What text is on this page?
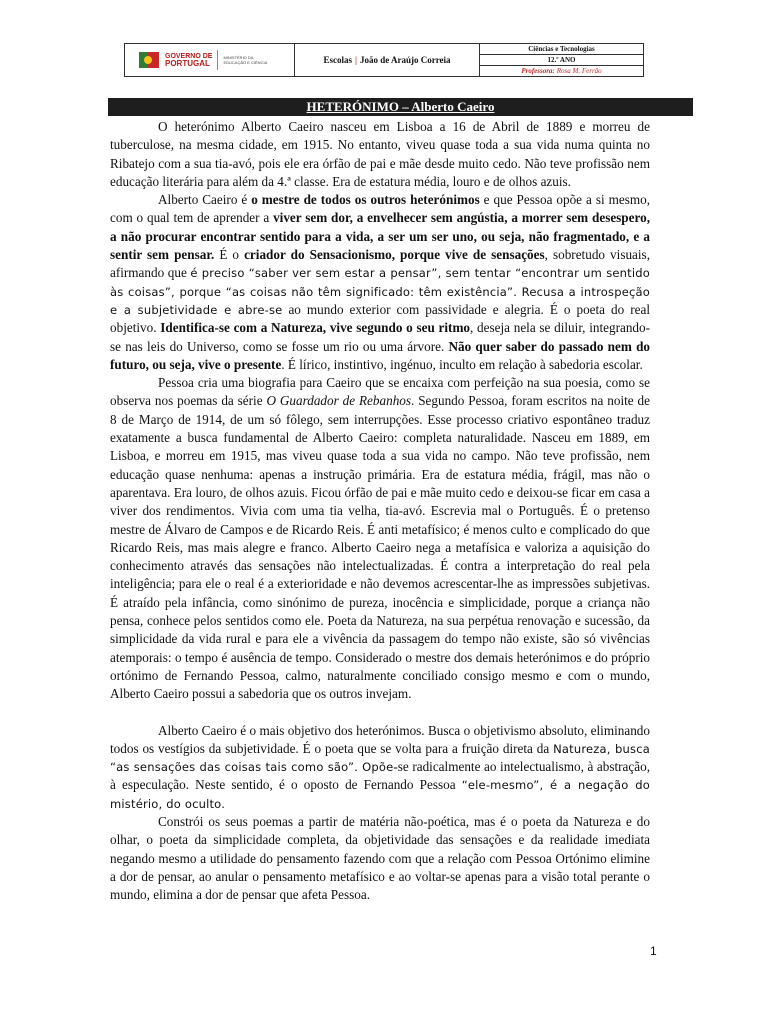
GOVERNO DE
PORTUGAL
MINISTÉRIO DA EDUCAÇÃO E CIÊNCIA	Escolas | João de Araújo Correia
Ciências e Tecnologias
12.º ANO
Professora: Rosa M. Ferrão
HETERÓNIMO – Alberto Caeiro

O heterónimo Alberto Caeiro nasceu em Lisboa a 16 de Abril de 1889 e morreu de tuberculose, na mesma cidade, em 1915. No entanto, viveu quase toda a sua vida numa quinta no Ribatejo com a sua tia-avó, pois ele era órfão de pai e mãe desde muito cedo. Não teve profissão nem educação literária para além da 4.ª classe. Era de estatura média, louro e de olhos azuis.

Alberto Caeiro é o mestre de todos os outros heterónimos e que Pessoa opõe a si mesmo, com o qual tem de aprender a viver sem dor, a envelhecer sem angústia, a morrer sem desespero, a não procurar encontrar sentido para a vida, a ser um ser uno, ou seja, não fragmentado, e a sentir sem pensar. É o criador do Sensacionismo, porque vive de sensações, sobretudo visuais, afirmando que é preciso “saber ver sem estar a pensar”, sem tentar “encontrar um sentido às coisas”, porque “as coisas não têm significado: têm existência”. Recusa a introspeção e a subjetividade e abre-se ao mundo exterior com passividade e alegria. É o poeta do real objetivo. Identifica-se com a Natureza, vive segundo o seu ritmo, deseja nela se diluir, integrando-se nas leis do Universo, como se fosse um rio ou uma árvore. Não quer saber do passado nem do futuro, ou seja, vive o presente. É lírico, instintivo, ingénuo, inculto em relação à sabedoria escolar.

Pessoa cria uma biografia para Caeiro que se encaixa com perfeição na sua poesia, como se observa nos poemas da série O Guardador de Rebanhos. Segundo Pessoa, foram escritos na noite de 8 de Março de 1914, de um só fôlego, sem interrupções. Esse processo criativo espontâneo traduz exatamente a busca fundamental de Alberto Caeiro: completa naturalidade. Nasceu em 1889, em Lisboa, e morreu em 1915, mas viveu quase toda a sua vida no campo. Não teve profissão, nem educação quase nenhuma: apenas a instrução primária. Era de estatura média, frágil, mas não o aparentava. Era louro, de olhos azuis. Ficou órfão de pai e mãe muito cedo e deixou-se ficar em casa a viver dos rendimentos. Vivia com uma tia velha, tia-avó. Escrevia mal o Português. É o pretenso mestre de Álvaro de Campos e de Ricardo Reis. É anti metafísico; é menos culto e complicado do que Ricardo Reis, mas mais alegre e franco. Alberto Caeiro nega a metafísica e valoriza a aquisição do conhecimento através das sensações não intelectualizadas. É contra a interpretação do real pela inteligência; para ele o real é a exterioridade e não devemos acrescentar-lhe as impressões subjetivas. É atraído pela infância, como sinónimo de pureza, inocência e simplicidade, porque a criança não pensa, conhece pelos sentidos como ele. Poeta da Natureza, na sua perpétua renovação e sucessão, da simplicidade da vida rural e para ele a vivência da passagem do tempo não existe, são só vivências atemporais: o tempo é ausência de tempo. Considerado o mestre dos demais heterónimos e do próprio ortónimo de Fernando Pessoa, calmo, naturalmente conciliado consigo mesmo e com o mundo, Alberto Caeiro possui a sabedoria que os outros invejam.

Alberto Caeiro é o mais objetivo dos heterónimos. Busca o objetivismo absoluto, eliminando todos os vestígios da subjetividade. É o poeta que se volta para a fruição direta da Natureza, busca “as sensações das coisas tais como são”. Opõe-se radicalmente ao intelectualismo, à abstração, à especulação. Neste sentido, é o oposto de Fernando Pessoa “ele-mesmo”, é a negação do mistério, do oculto.

Constrói os seus poemas a partir de matéria não-poética, mas é o poeta da Natureza e do olhar, o poeta da simplicidade completa, da objetividade das sensações e da realidade imediata negando mesmo a utilidade do pensamento fazendo com que a relação com Pessoa Ortónimo elimine a dor de pensar, ao anular o pensamento metafísico e ao voltar-se apenas para a visão total perante o mundo, elimina a dor de pensar que afeta Pessoa.

1
